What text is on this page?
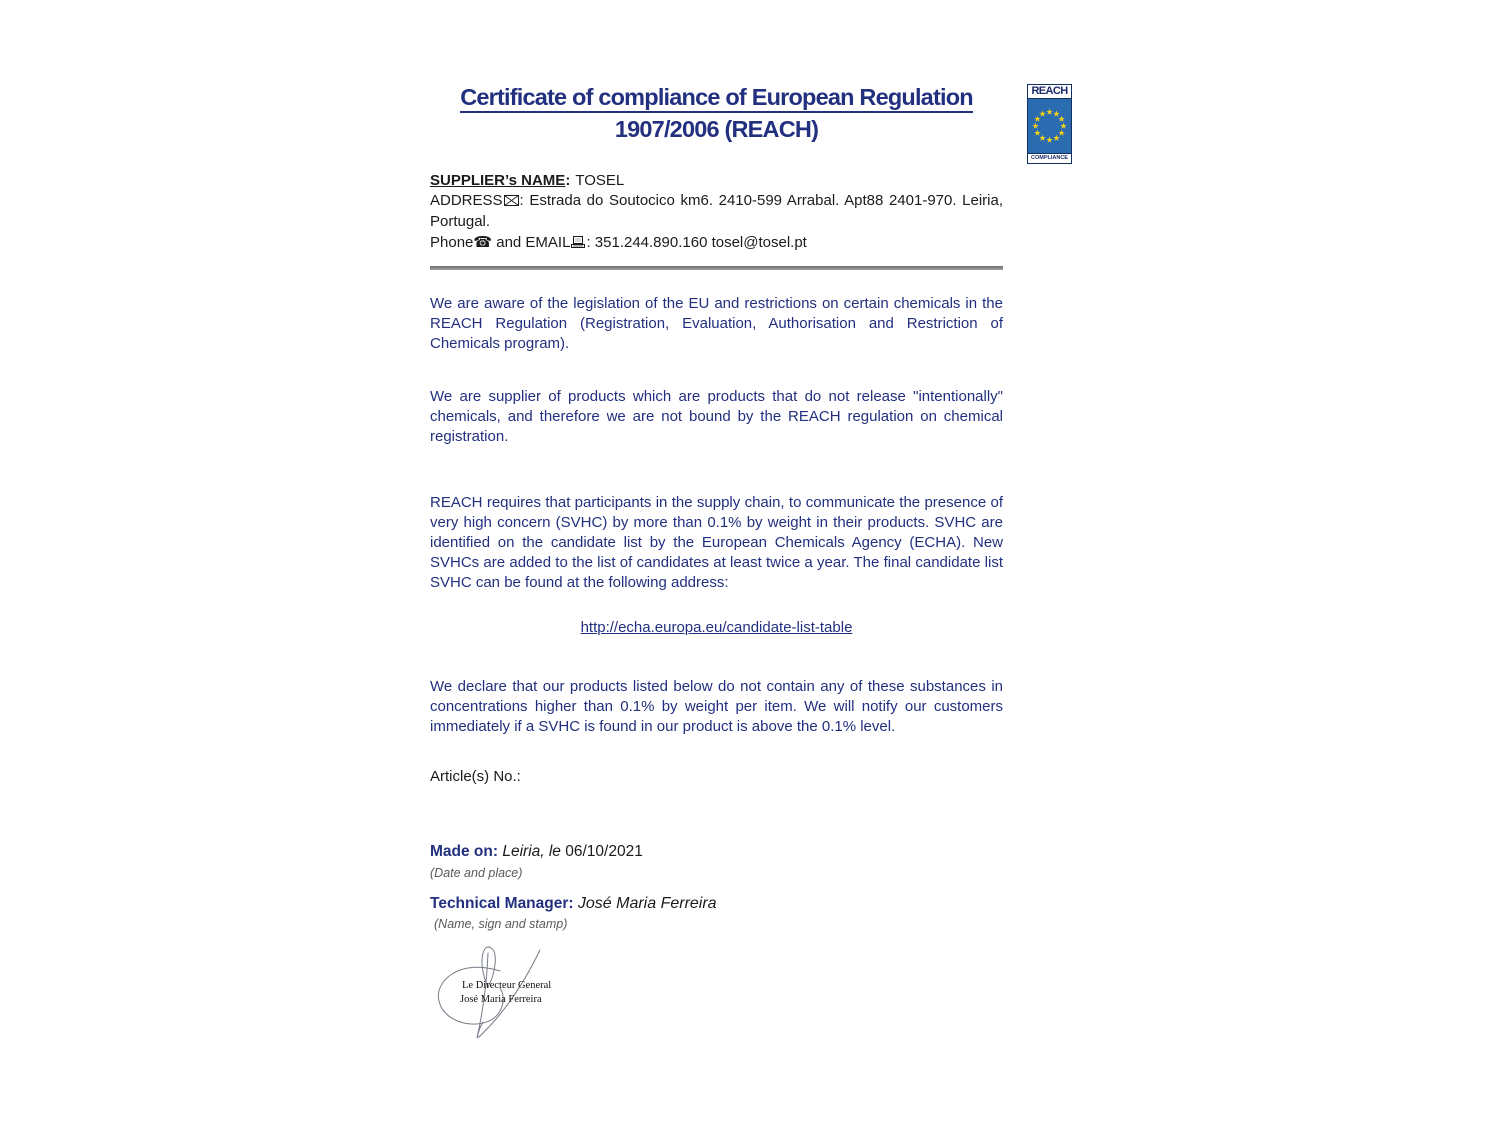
Certificate of compliance of European Regulation
1907/2006 (REACH)
REACH
COMPLIANCE
SUPPLIER’s NAME: TOSEL
ADDRESS : Estrada do Soutocico km6. 2410-599 Arrabal. Apt88 2401-970. Leiria,
Portugal.
Phone☎ and EMAIL : 351.244.890.160 tosel@tosel.pt
We are aware of the legislation of the EU and restrictions on certain chemicals in the REACH Regulation (Registration, Evaluation, Authorisation and Restriction of Chemicals program).
We are supplier of products which are products that do not release "intentionally" chemicals, and therefore we are not bound by the REACH regulation on chemical registration.
REACH requires that participants in the supply chain, to communicate the presence of very high concern (SVHC) by more than 0.1% by weight in their products. SVHC are identified on the candidate list by the European Chemicals Agency (ECHA). New SVHCs are added to the list of candidates at least twice a year. The final candidate list SVHC can be found at the following address:
http://echa.europa.eu/candidate-list-table
We declare that our products listed below do not contain any of these substances in concentrations higher than 0.1% by weight per item. We will notify our customers immediately if a SVHC is found in our product is above the 0.1% level.
Article(s) No.:
Made on: Leiria, le 06/10/2021
(Date and place)
Technical Manager: José Maria Ferreira
(Name, sign and stamp)
Le Directeur General
José Maria Ferreira
